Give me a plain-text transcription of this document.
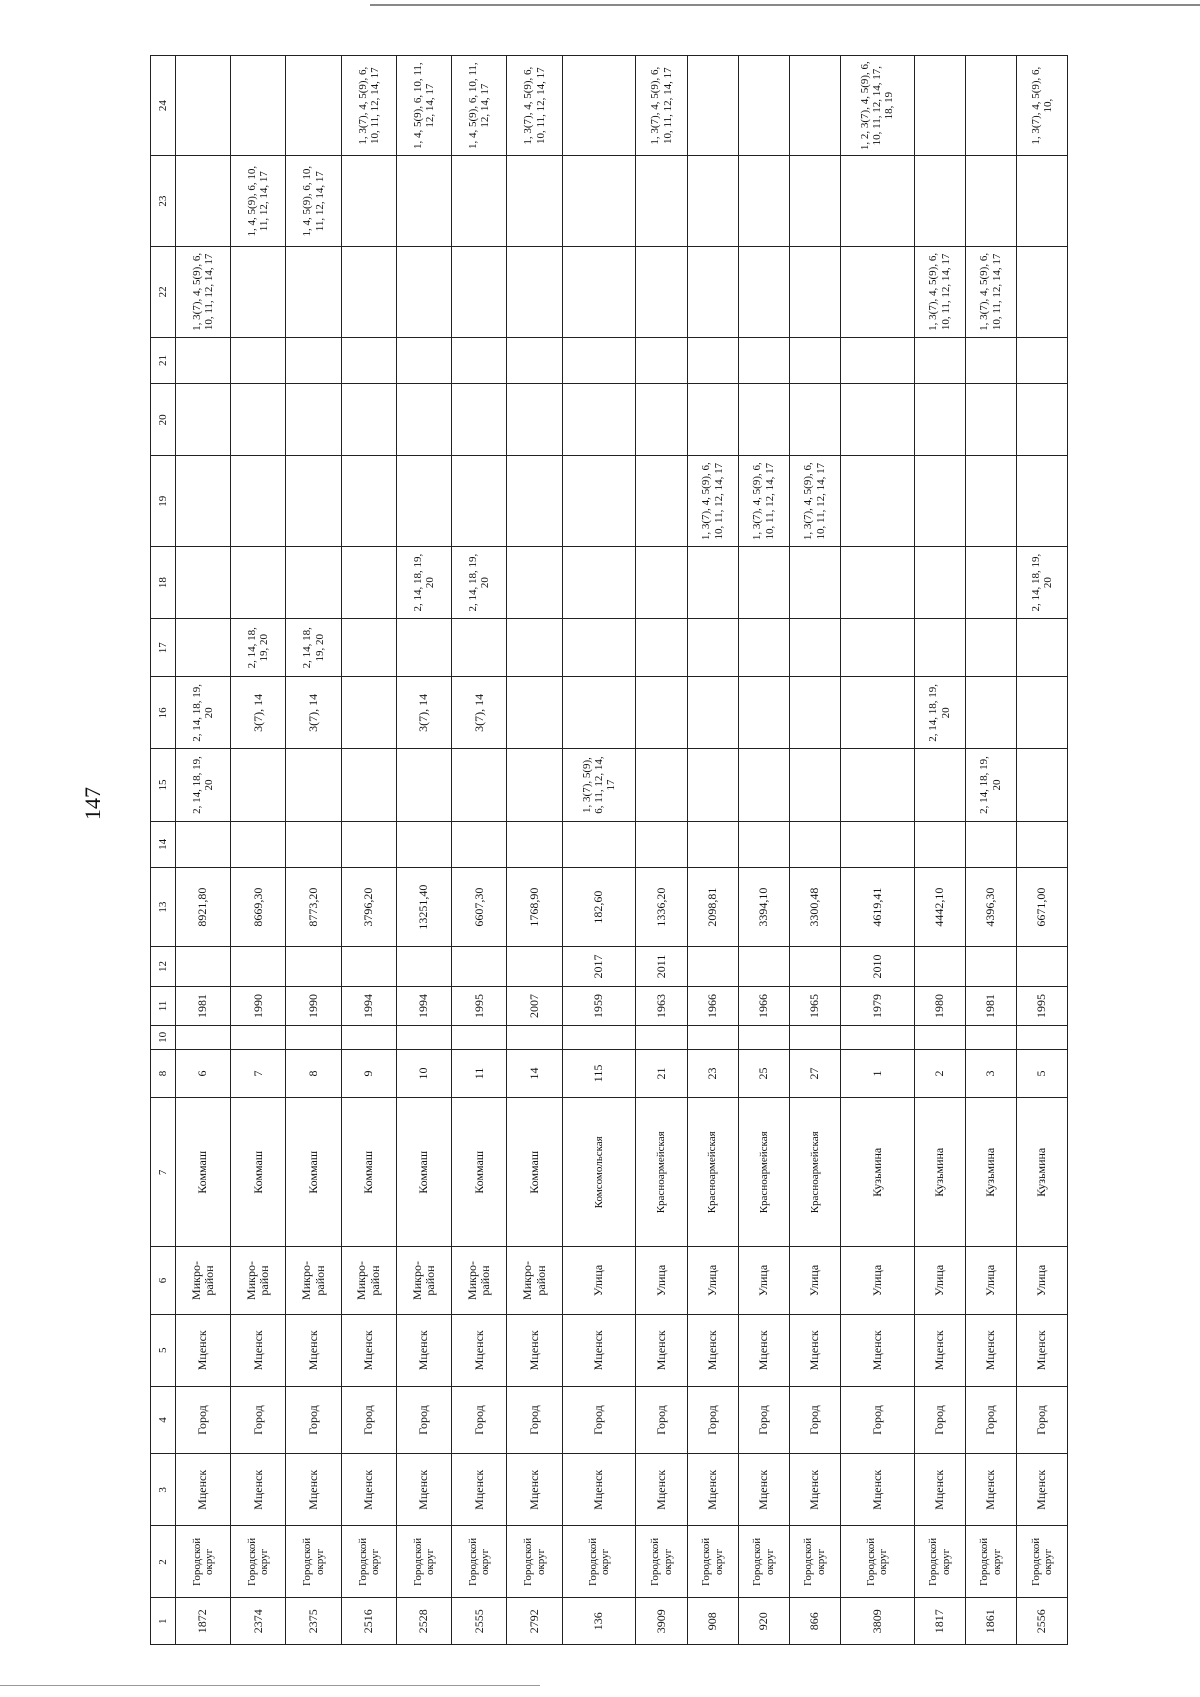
147
1	2	3	4	5	6	7	8	10	11	12	13	14	15	16	17	18	19	20	21	22	23	24
1872	Городской округ	Мценск	Город	Мценск	Микро-район	Коммаш	6		1981		8921,80		2, 14, 18, 19, 20	2, 14, 18, 19, 20						1, 3(7), 4, 5(9), 6, 10, 11, 12, 14, 17		
2374	Городской округ	Мценск	Город	Мценск	Микро-район	Коммаш	7		1990		8669,30			3(7), 14	2, 14, 18, 19, 20						1, 4, 5(9), 6, 10, 11, 12, 14, 17	
2375	Городской округ	Мценск	Город	Мценск	Микро-район	Коммаш	8		1990		8773,20			3(7), 14	2, 14, 18, 19, 20						1, 4, 5(9), 6, 10, 11, 12, 14, 17	
2516	Городской округ	Мценск	Город	Мценск	Микро-район	Коммаш	9		1994		3796,20											1, 3(7), 4, 5(9), 6, 10, 11, 12, 14, 17
2528	Городской округ	Мценск	Город	Мценск	Микро-район	Коммаш	10		1994		13251,40			3(7), 14		2, 14, 18, 19, 20						1, 4, 5(9), 6, 10, 11, 12, 14, 17
2555	Городской округ	Мценск	Город	Мценск	Микро-район	Коммаш	11		1995		6607,30			3(7), 14		2, 14, 18, 19, 20						1, 4, 5(9), 6, 10, 11, 12, 14, 17
2792	Городской округ	Мценск	Город	Мценск	Микро-район	Коммаш	14		2007		1768,90											1, 3(7), 4, 5(9), 6, 10, 11, 12, 14, 17
136	Городской округ	Мценск	Город	Мценск	Улица	Комсомольская	115		1959	2017	182,60		1, 3(7), 5(9), 6, 11, 12, 14, 17									
3909	Городской округ	Мценск	Город	Мценск	Улица	Красноармейская	21		1963	2011	1336,20											1, 3(7), 4, 5(9), 6, 10, 11, 12, 14, 17
908	Городской округ	Мценск	Город	Мценск	Улица	Красноармейская	23		1966		2098,81						1, 3(7), 4, 5(9), 6, 10, 11, 12, 14, 17					
920	Городской округ	Мценск	Город	Мценск	Улица	Красноармейская	25		1966		3394,10						1, 3(7), 4, 5(9), 6, 10, 11, 12, 14, 17					
866	Городской округ	Мценск	Город	Мценск	Улица	Красноармейская	27		1965		3300,48						1, 3(7), 4, 5(9), 6, 10, 11, 12, 14, 17					
3809	Городской округ	Мценск	Город	Мценск	Улица	Кузьмина	1		1979	2010	4619,41											1, 2, 3(7), 4, 5(9), 6, 10, 11, 12, 14, 17, 18, 19
1817	Городской округ	Мценск	Город	Мценск	Улица	Кузьмина	2		1980		4442,10			2, 14, 18, 19, 20						1, 3(7), 4, 5(9), 6, 10, 11, 12, 14, 17		
1861	Городской округ	Мценск	Город	Мценск	Улица	Кузьмина	3		1981		4396,30		2, 14, 18, 19, 20							1, 3(7), 4, 5(9), 6, 10, 11, 12, 14, 17		
2556	Городской округ	Мценск	Город	Мценск	Улица	Кузьмина	5		1995		6671,00					2, 14, 18, 19, 20						1, 3(7), 4, 5(9), 6, 10,
